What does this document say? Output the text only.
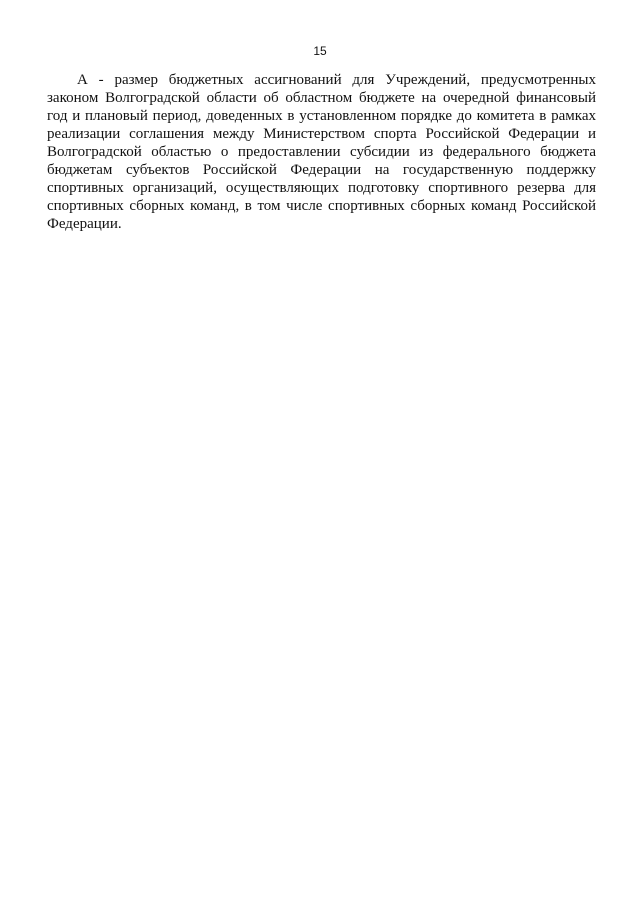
15

А - размер бюджетных ассигнований для Учреждений, предусмотренных законом Волгоградской области об областном бюджете на очередной финансовый год и плановый период, доведенных в установленном порядке до комитета в рамках реализации соглашения между Министерством спорта Российской Федерации и Волгоградской областью о предоставлении субсидии из федерального бюджета бюджетам субъектов Российской Федерации на государственную поддержку спортивных организаций, осуществляющих подготовку спортивного резерва для спортивных сборных команд, в том числе спортивных сборных команд Российской Федерации.
